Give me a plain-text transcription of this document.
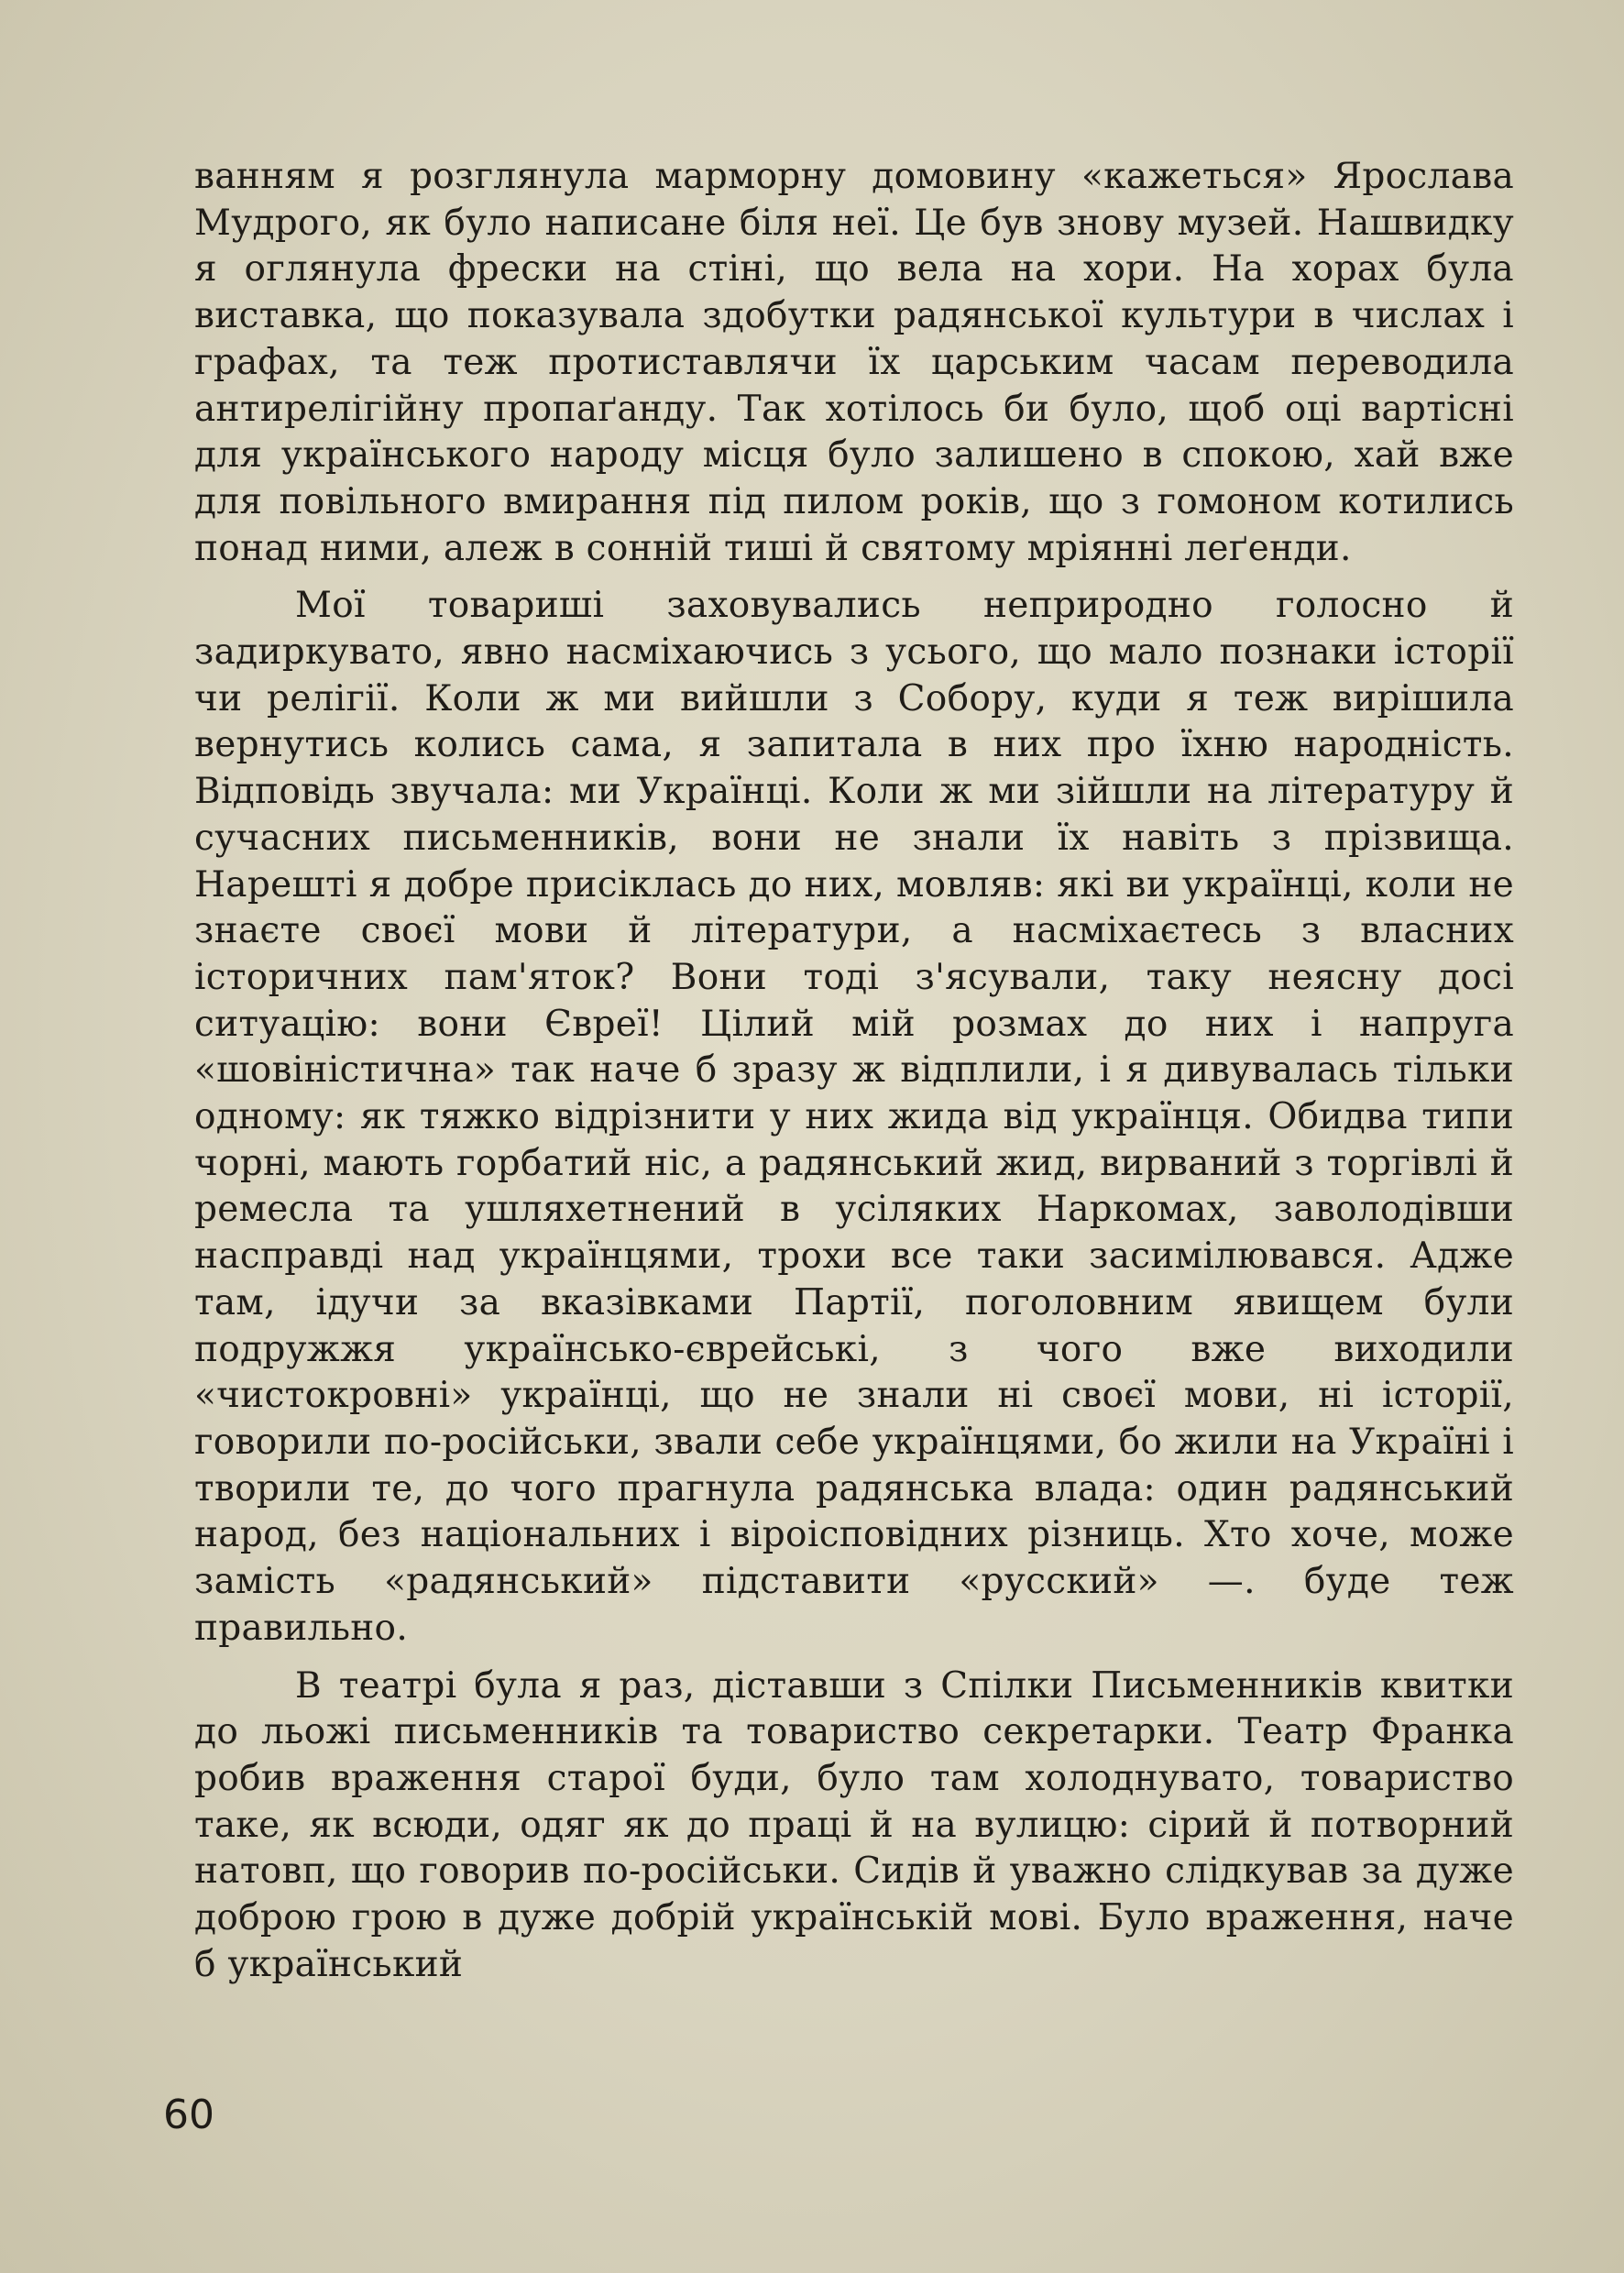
ванням я розглянула марморну домовину «кажеться» Ярослава Мудрого, як було написане біля неї. Це був знову музей. Нашвидку я оглянула фрески на стіні, що вела на хори. На хорах була виставка, що показувала здобутки радянської культури в числах і графах, та теж протиставлячи їх царським часам переводила антирелігійну пропаґанду. Так хотілось би було, щоб оці вартісні для українського народу місця було залишено в спокою, хай вже для повільного вмирання під пилом років, що з гомоном котились понад ними, алеж в сонній тиші й святому мріянні леґенди.

Мої товариші заховувались неприродно голосно й задиркувато, явно насміхаючись з усього, що мало познаки історії чи релігії. Коли ж ми вийшли з Собору, куди я теж вирішила вернутись колись сама, я запитала в них про їхню народність. Відповідь звучала: ми Українці. Коли ж ми зійшли на літературу й сучасних письменників, вони не знали їх навіть з прізвища. Нарешті я добре присіклась до них, мовляв: які ви українці, коли не знаєте своєї мови й літератури, а насміхаєтесь з власних історичних пам'яток? Вони тоді з'ясували, таку неясну досі ситуацію: вони Євреї! Цілий мій розмах до них і напруга «шовіністична» так наче б зразу ж відплили, і я дивувалась тільки одному: як тяжко відрізнити у них жида від українця. Обидва типи чорні, мають горбатий ніс, а радянський жид, вирваний з торгівлі й ремесла та ушляхетнений в усіляких Наркомах, заволодівши насправді над українцями, трохи все таки засимілювався. Адже там, ідучи за вказівками Партії, поголовним явищем були подружжя українсько-єврейські, з чого вже виходили «чистокровні» українці, що не знали ні своєї мови, ні історії, говорили по-російськи, звали себе українцями, бо жили на Україні і творили те, до чого прагнула радянська влада: один радянський народ, без національних і віроісповідних різниць. Хто хоче, може замість «радянський» підставити «русский» —. буде теж правильно.

В театрі була я раз, діставши з Спілки Письменників квитки до льожі письменників та товариство секретарки. Театр Франка робив враження старої буди, було там холоднувато, товариство таке, як всюди, одяг як до праці й на вулицю: сірий й потворний натовп, що говорив по-російськи. Сидів й уважно слідкував за дуже доброю грою в дуже добрій українській мові. Було враження, наче б український

60
